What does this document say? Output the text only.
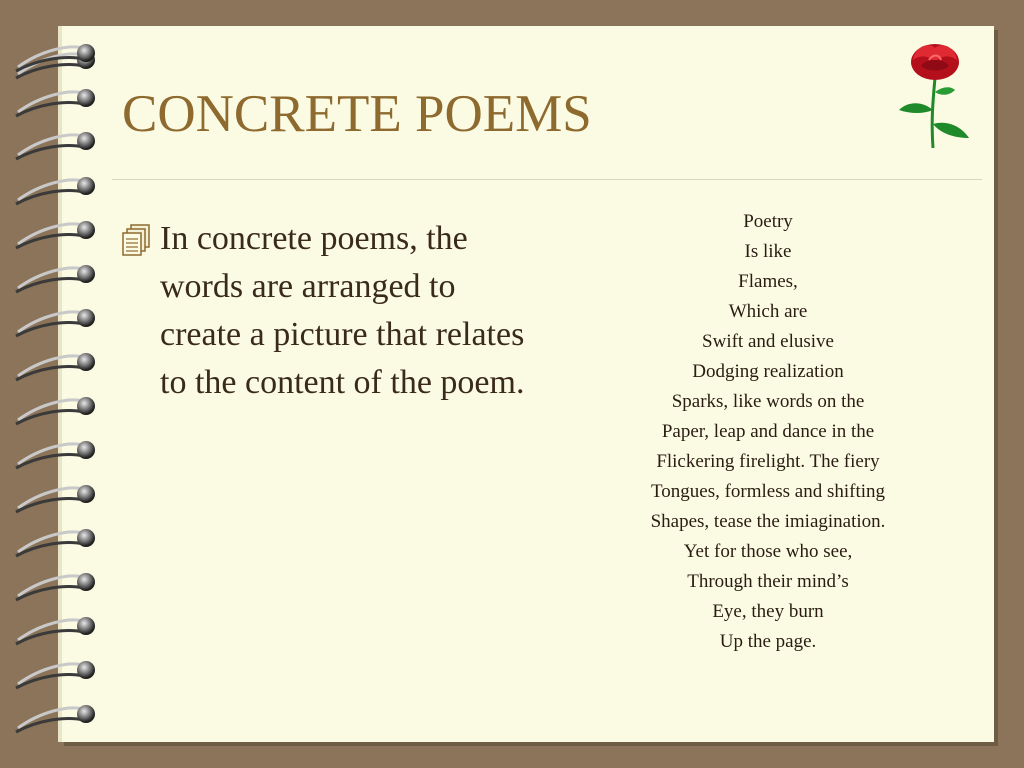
CONCRETE POEMS
In concrete poems, the words are arranged to create a picture that relates to the content of the poem.
Poetry
Is like
Flames,
Which are
Swift and elusive
Dodging realization
Sparks, like words on the
Paper, leap and dance in the
Flickering firelight. The fiery
Tongues, formless and shifting
Shapes, tease the imiagination.
Yet for those who see,
Through their mind’s
Eye, they burn
Up the page.
